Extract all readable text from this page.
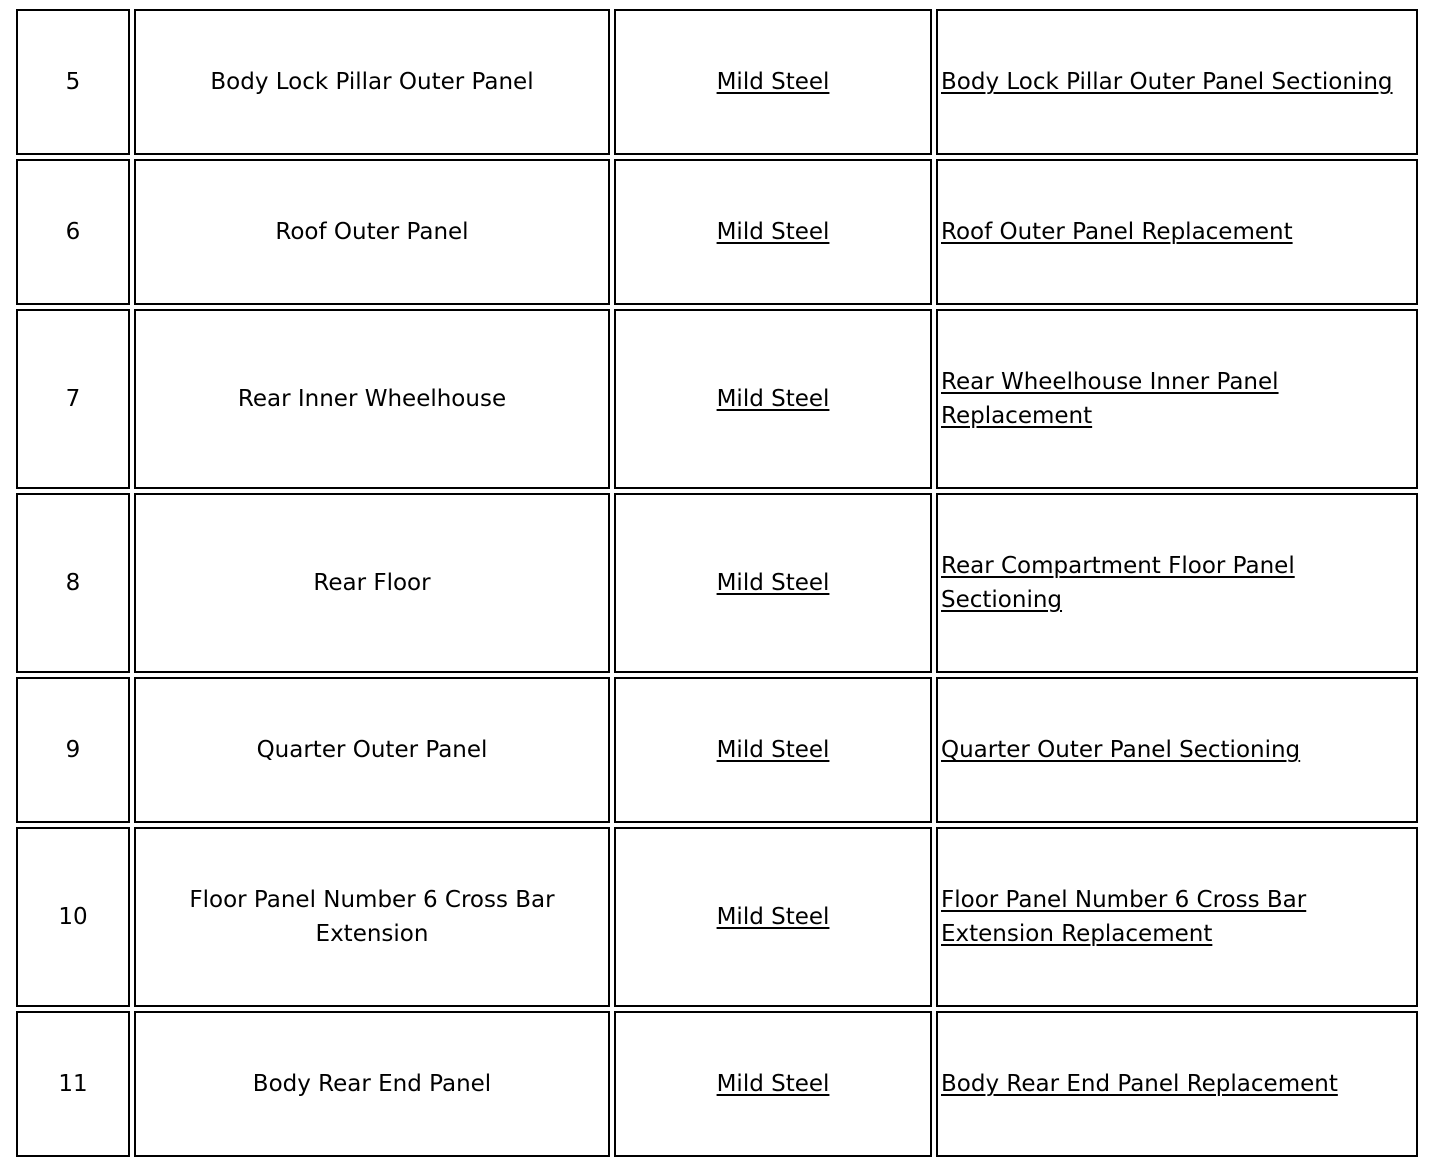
5	Body Lock Pillar Outer Panel	Mild Steel	Body Lock Pillar Outer Panel Sectioning
6	Roof Outer Panel	Mild Steel	Roof Outer Panel Replacement
7	Rear Inner Wheelhouse	Mild Steel	Rear Wheelhouse Inner Panel Replacement
8	Rear Floor	Mild Steel	Rear Compartment Floor Panel Sectioning
9	Quarter Outer Panel	Mild Steel	Quarter Outer Panel Sectioning
10	Floor Panel Number 6 Cross Bar Extension	Mild Steel	Floor Panel Number 6 Cross Bar Extension Replacement
11	Body Rear End Panel	Mild Steel	Body Rear End Panel Replacement
